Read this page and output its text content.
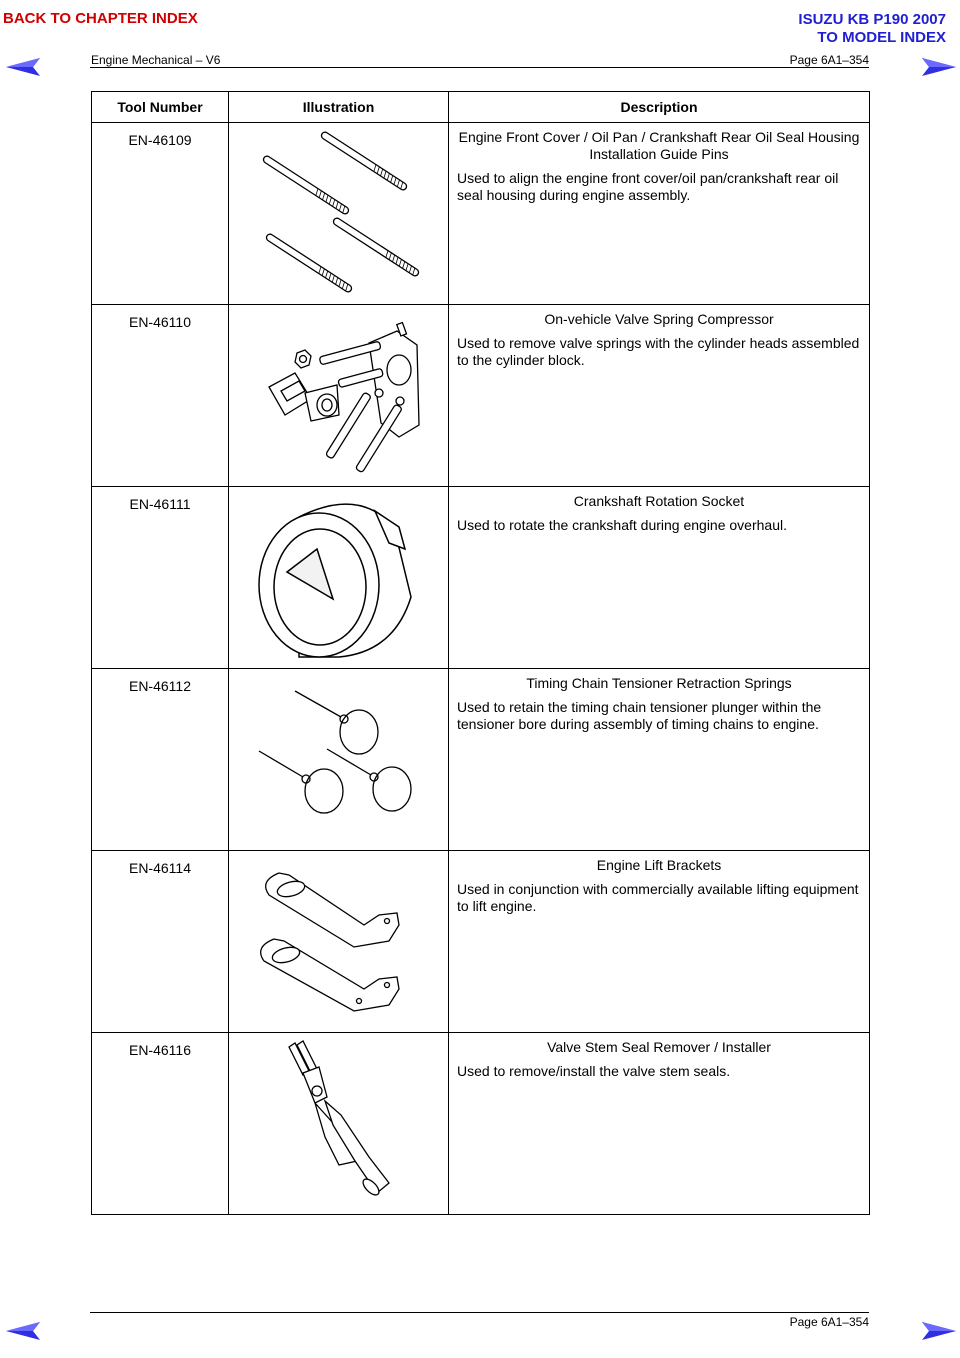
BACK TO CHAPTER INDEX	ISUZU KB P190 2007
TO MODEL INDEX
Engine Mechanical – V6	Page 6A1–354
Tool Number	Illustration	Description
EN-46109		Engine Front Cover / Oil Pan / Crankshaft Rear Oil Seal Housing Installation Guide Pins
Used to align the engine front cover/oil pan/crankshaft rear oil seal housing during engine assembly.

EN-46110		On-vehicle Valve Spring Compressor
Used to remove valve springs with the cylinder heads assembled to the cylinder block.

EN-46111		Crankshaft Rotation Socket
Used to rotate the crankshaft during engine overhaul.

EN-46112		Timing Chain Tensioner Retraction Springs
Used to retain the timing chain tensioner plunger within the tensioner bore during assembly of timing chains to engine.

EN-46114		Engine Lift Brackets
Used in conjunction with commercially available lifting equipment to lift engine.

EN-46116		Valve Stem Seal Remover / Installer
Used to remove/install the valve stem seals.
Page 6A1–354
